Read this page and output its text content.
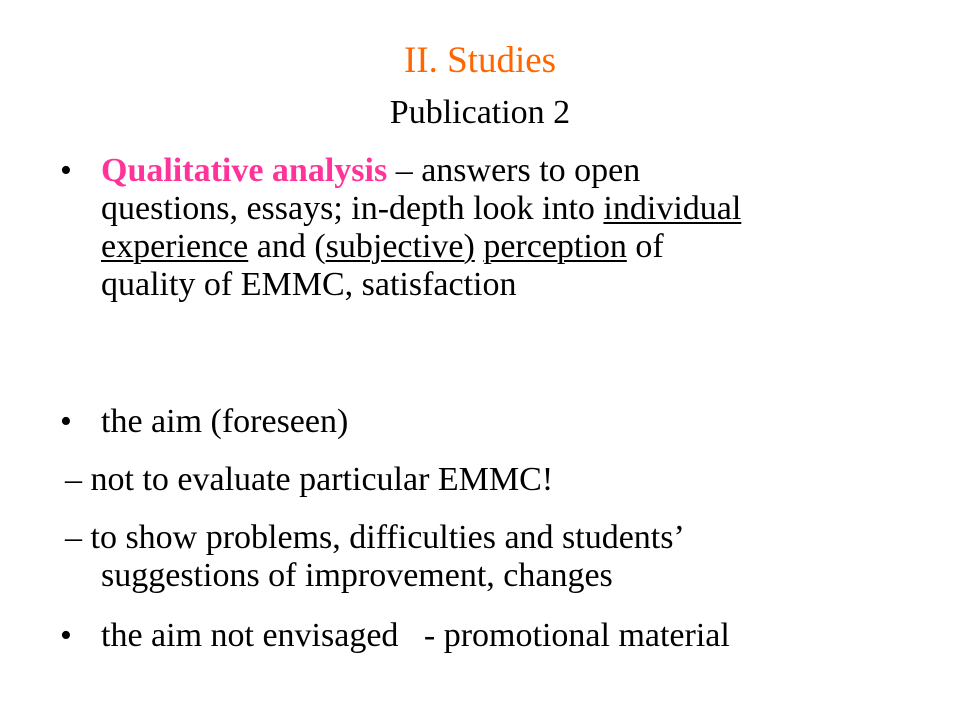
II. Studies
Publication 2
• Qualitative analysis – answers to open
questions, essays; in-depth look into individual
experience and (subjective) perception of
quality of EMMC, satisfaction
• the aim (foreseen)
– not to evaluate particular EMMC!
– to show problems, difficulties and students’
suggestions of improvement, changes
• the aim not envisaged   - promotional material
